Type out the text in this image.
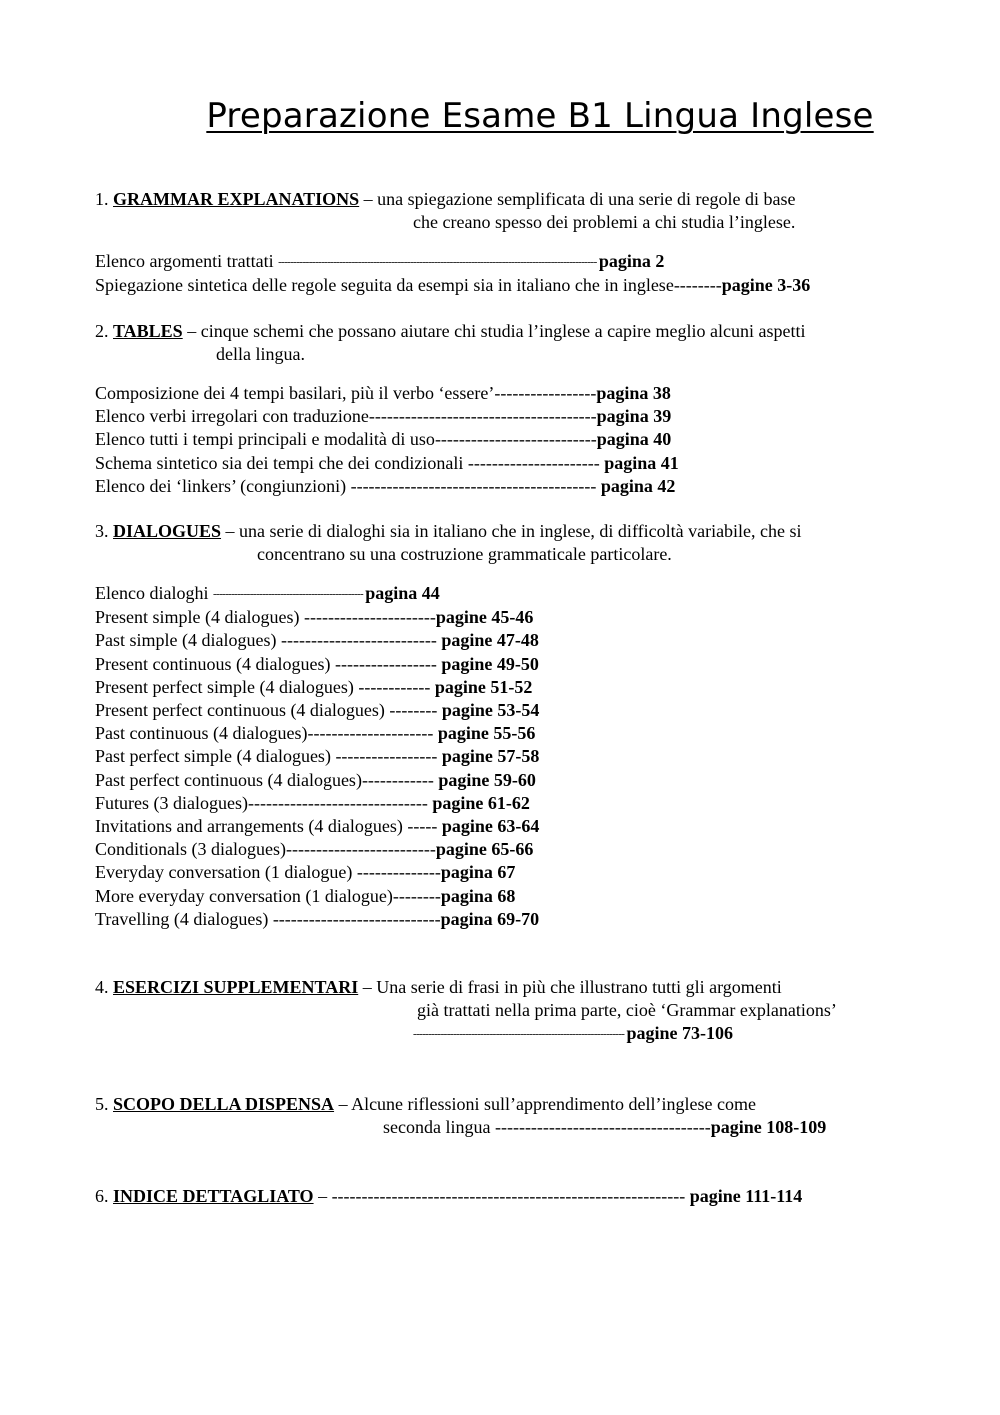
Preparazione Esame B1 Lingua Inglese
1. GRAMMAR EXPLANATIONS – una spiegazione semplificata di una serie di regole di base
che creano spesso dei problemi a chi studia l’inglese.
Elenco argomenti trattati -------------------------------------------------------------------------------------------------------- pagina 2
Spiegazione sintetica delle regole seguita da esempi sia in italiano che in inglese--------pagine 3-36
2. TABLES – cinque schemi che possano aiutare chi studia l’inglese a capire meglio alcuni aspetti
della lingua.
Composizione dei 4 tempi basilari, più il verbo ‘essere’-----------------pagina 38
Elenco verbi irregolari con traduzione--------------------------------------pagina 39
Elenco tutti i tempi principali e modalità di uso---------------------------pagina 40
Schema sintetico sia dei tempi che dei condizionali ---------------------- pagina 41
Elenco dei ‘linkers’ (congiunzioni) ----------------------------------------- pagina 42
3. DIALOGUES – una serie di dialoghi sia in italiano che in inglese, di difficoltà variabile, che si
concentrano su una costruzione grammaticale particolare.
Elenco dialoghi ------------------------------------------------- pagina 44
Present simple (4 dialogues) ----------------------pagine 45-46
Past simple (4 dialogues) -------------------------- pagine 47-48
Present continuous (4 dialogues) ----------------- pagine 49-50
Present perfect simple (4 dialogues) ------------ pagine 51-52
Present perfect continuous (4 dialogues) -------- pagine 53-54
Past continuous (4 dialogues)--------------------- pagine 55-56
Past perfect simple (4 dialogues) ----------------- pagine 57-58
Past perfect continuous (4 dialogues)------------ pagine 59-60
Futures (3 dialogues)------------------------------ pagine 61-62
Invitations and arrangements (4 dialogues) ----- pagine 63-64
Conditionals (3 dialogues)-------------------------pagine 65-66
Everyday conversation (1 dialogue) --------------pagina 67
More everyday conversation (1 dialogue)--------pagina 68
Travelling (4 dialogues) ----------------------------pagina 69-70
4. ESERCIZI SUPPLEMENTARI – Una serie di frasi in più che illustrano tutti gli argomenti
già trattati nella prima parte, cioè ‘Grammar explanations’
--------------------------------------------------------------------- pagine 73-106
5. SCOPO DELLA DISPENSA – Alcune riflessioni sull’apprendimento dell’inglese come
seconda lingua ------------------------------------pagine 108-109
6. INDICE DETTAGLIATO – ----------------------------------------------------------- pagine 111-114
